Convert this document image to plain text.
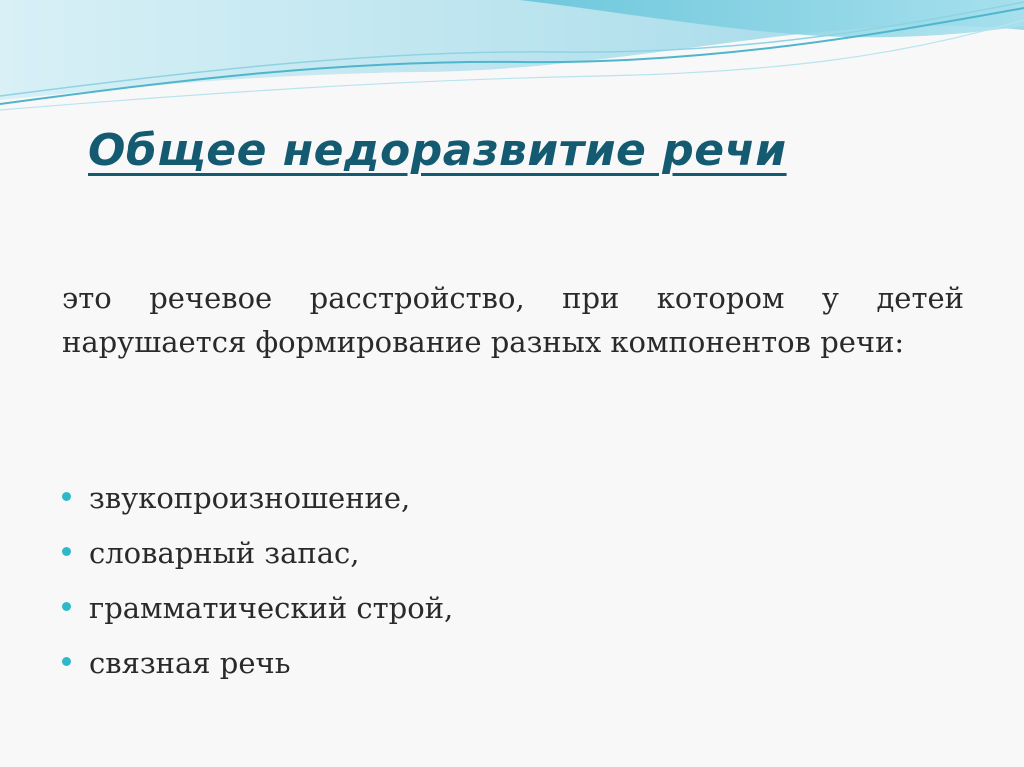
Общее недоразвитие речи

это речевое расстройство, при котором у детей нарушается формирование разных компонентов речи:

звукопроизношение,
словарный запас,
грамматический строй,
связная речь
